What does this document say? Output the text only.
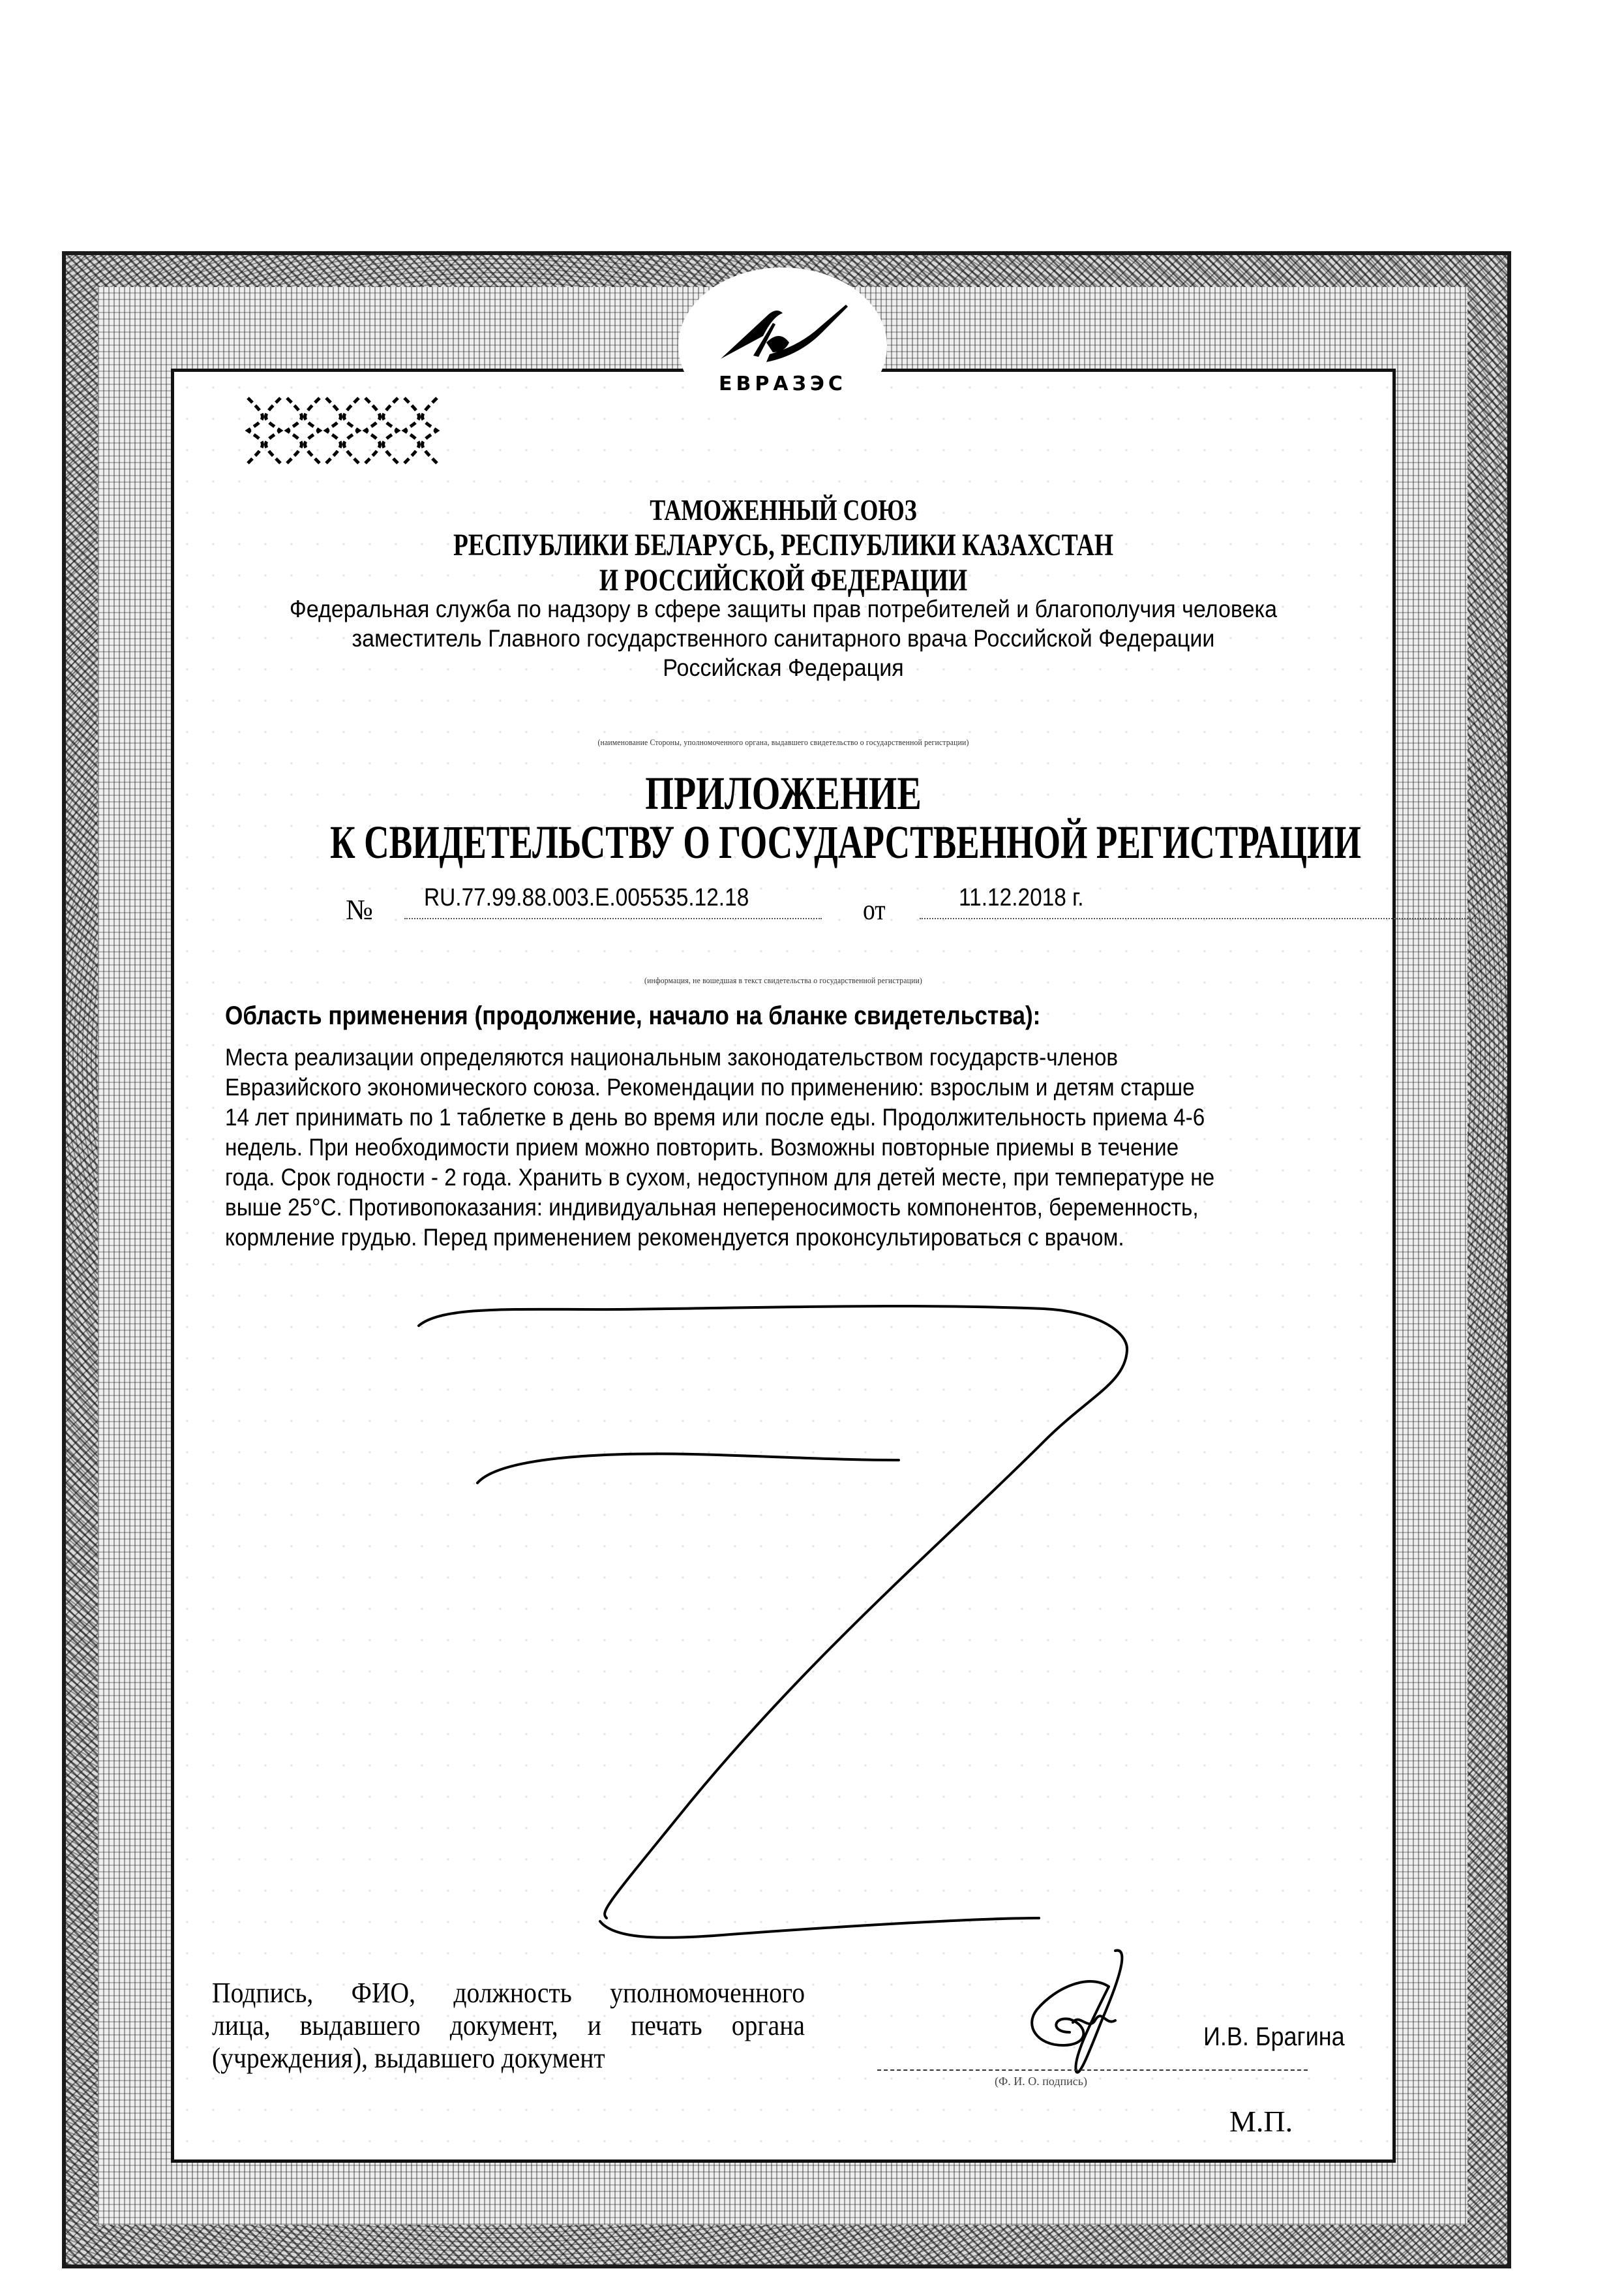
ЕВРАЗЭС
ТАМОЖЕННЫЙ СОЮЗ
РЕСПУБЛИКИ БЕЛАРУСЬ, РЕСПУБЛИКИ КАЗАХСТАН
И РОССИЙСКОЙ ФЕДЕРАЦИИ
Федеральная служба по надзору в сфере защиты прав потребителей и благополучия человека
заместитель Главного государственного санитарного врача Российской Федерации
Российская Федерация
(наименование Стороны, уполномоченного органа, выдавшего свидетельство о государственной регистрации)
ПРИЛОЖЕНИЕ
К СВИДЕТЕЛЬСТВУ О ГОСУДАРСТВЕННОЙ РЕГИСТРАЦИИ
№ RU.77.99.88.003.Е.005535.12.18	от	11.12.2018 г.
(информация, не вошедшая в текст свидетельства о государственной регистрации)
Область применения (продолжение, начало на бланке свидетельства):
Места реализации определяются национальным законодательством государств-членов
Евразийского экономического союза. Рекомендации по применению: взрослым и детям старше
14 лет принимать по 1 таблетке в день во время или после еды. Продолжительность приема 4-6
недель. При необходимости прием можно повторить. Возможны повторные приемы в течение
года. Срок годности - 2 года. Хранить в сухом, недоступном для детей месте, при температуре не
выше 25°С. Противопоказания: индивидуальная непереносимость компонентов, беременность,
кормление грудью. Перед применением рекомендуется проконсультироваться с врачом.
Подпись, ФИО, должность уполномоченного
лица, выдавшего документ, и печать органа
(учреждения), выдавшего документ
И.В. Брагина
(Ф. И. О. подпись)
М.П.
